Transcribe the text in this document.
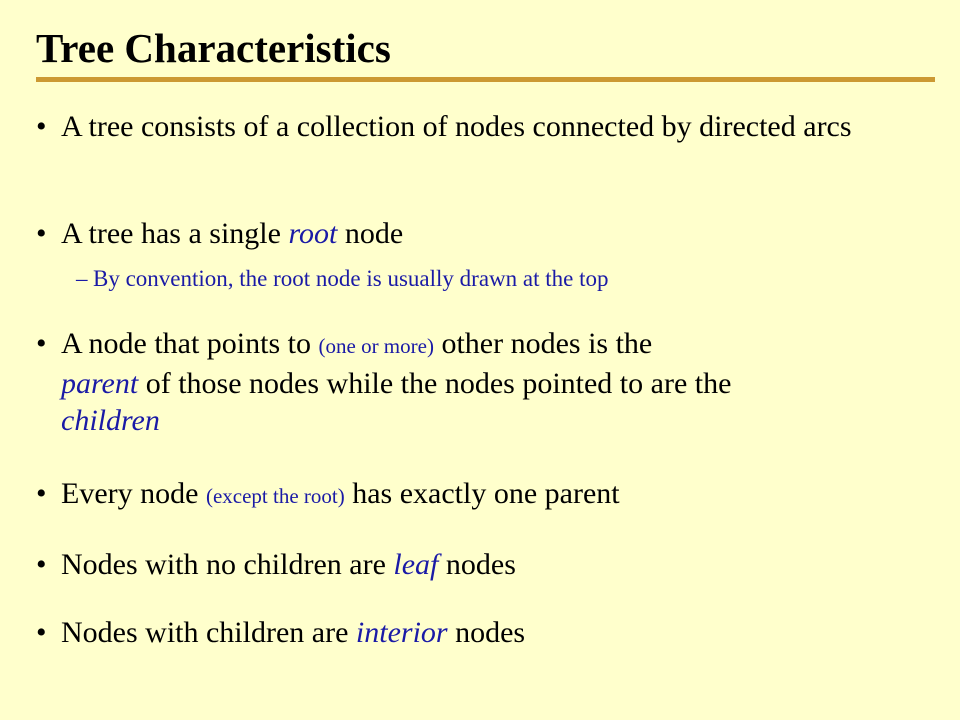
Tree Characteristics
• A tree consists of a collection of nodes connected by directed arcs
• A tree has a single root node
– By convention, the root node is usually drawn at the top
• A node that points to (one or more) other nodes is the
parent of those nodes while the nodes pointed to are the
children
• Every node (except the root) has exactly one parent
• Nodes with no children are leaf nodes
• Nodes with children are interior nodes
